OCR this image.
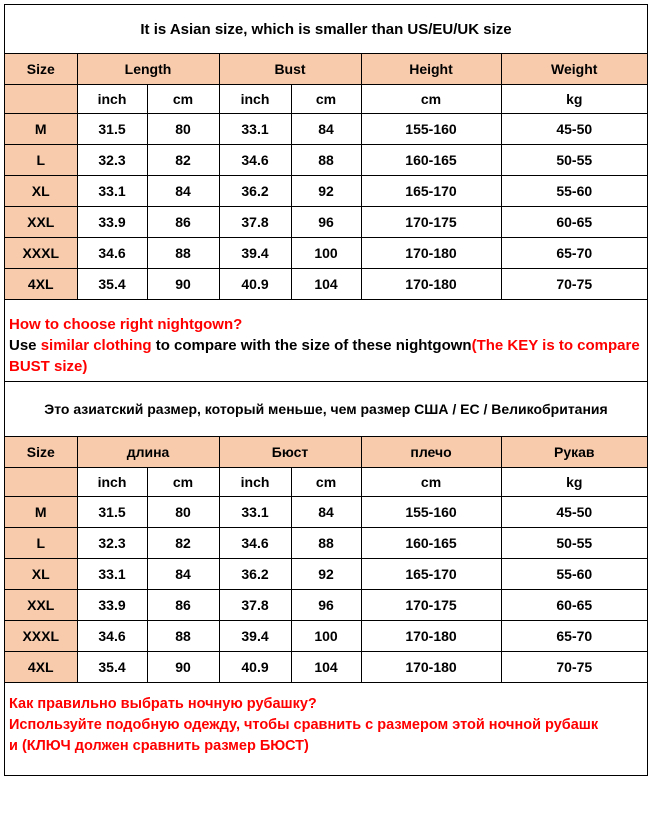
It is Asian size, which is smaller than US/EU/UK size
Size	Length		Bust		Height	Weight
	inch	cm	inch	cm	cm	kg
M	31.5	80	33.1	84	155-160	45-50
L	32.3	82	34.6	88	160-165	50-55
XL	33.1	84	36.2	92	165-170	55-60
XXL	33.9	86	37.8	96	170-175	60-65
XXXL	34.6	88	39.4	100	170-180	65-70
4XL	35.4	90	40.9	104	170-180	70-75
How to choose right nightgown?
Use similar clothing to compare with the size of these nightgown(The KEY is to compare BUST size)
Это азиатский размер, который меньше, чем размер США / ЕС / Великобритания
Size	длина		Бюст		плечо	Рукав
	inch	cm	inch	cm	cm	kg
M	31.5	80	33.1	84	155-160	45-50
L	32.3	82	34.6	88	160-165	50-55
XL	33.1	84	36.2	92	165-170	55-60
XXL	33.9	86	37.8	96	170-175	60-65
XXXL	34.6	88	39.4	100	170-180	65-70
4XL	35.4	90	40.9	104	170-180	70-75
Как правильно выбрать ночную рубашку?
Используйте подобную одежду, чтобы сравнить с размером этой ночной рубашк
и (КЛЮЧ должен сравнить размер БЮСТ)
